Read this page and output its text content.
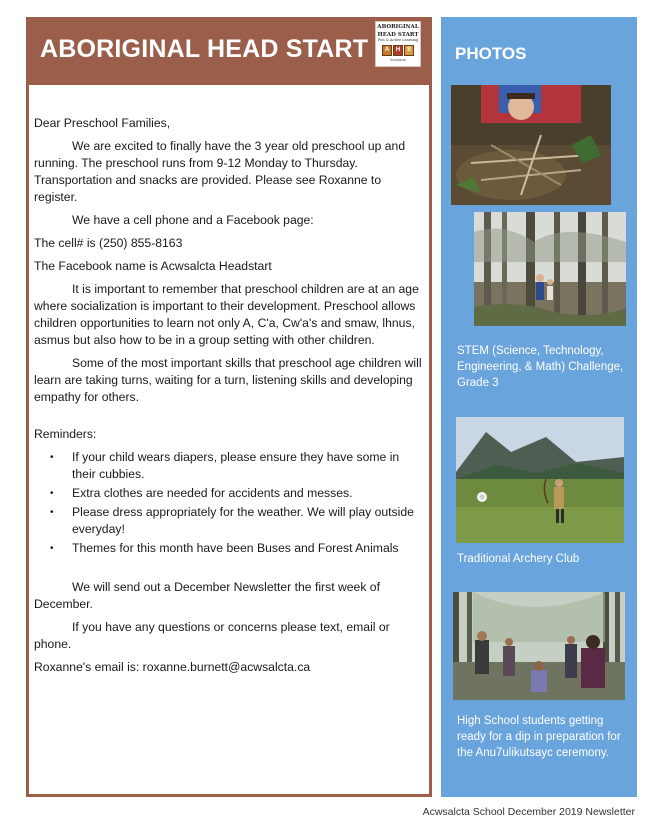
ABORIGINAL HEAD START
ABORIGINAL
HEAD START
Fun & Active Learning
A	H	S
Acwsalcta

Dear Preschool Families,

We are excited to finally have the 3 year old preschool up and running. The preschool runs from 9-12 Monday to Thursday. Transportation and snacks are provided. Please see Roxanne to register.

We have a cell phone and a Facebook page:

The cell# is (250) 855-8163

The Facebook name is Acwsalcta Headstart

It is important to remember that preschool children are at an age where socialization is important to their development. Preschool allows children opportunities to learn not only A, C'a, Cw'a's and smaw, lhnus, asmus but also how to be in a group setting with other children.

Some of the most important skills that preschool age children will learn are taking turns, waiting for a turn, listening skills and developing empathy for others.

Reminders:

• If your child wears diapers, please ensure they have some in their cubbies.
• Extra clothes are needed for accidents and messes.
• Please dress appropriately for the weather. We will play outside everyday!
• Themes for this month have been Buses and Forest Animals

We will send out a December Newsletter the first week of December.

If you have any questions or concerns please text, email or phone.

Roxanne's email is: roxanne.burnett@acwsalcta.ca

PHOTOS
STEM (Science, Technology, Engineering, & Math) Challenge, Grade 3
Traditional Archery Club
High School students getting ready for a dip in preparation for the Anu7ulikutsayc ceremony.
Acwsalcta School December 2019 Newsletter
